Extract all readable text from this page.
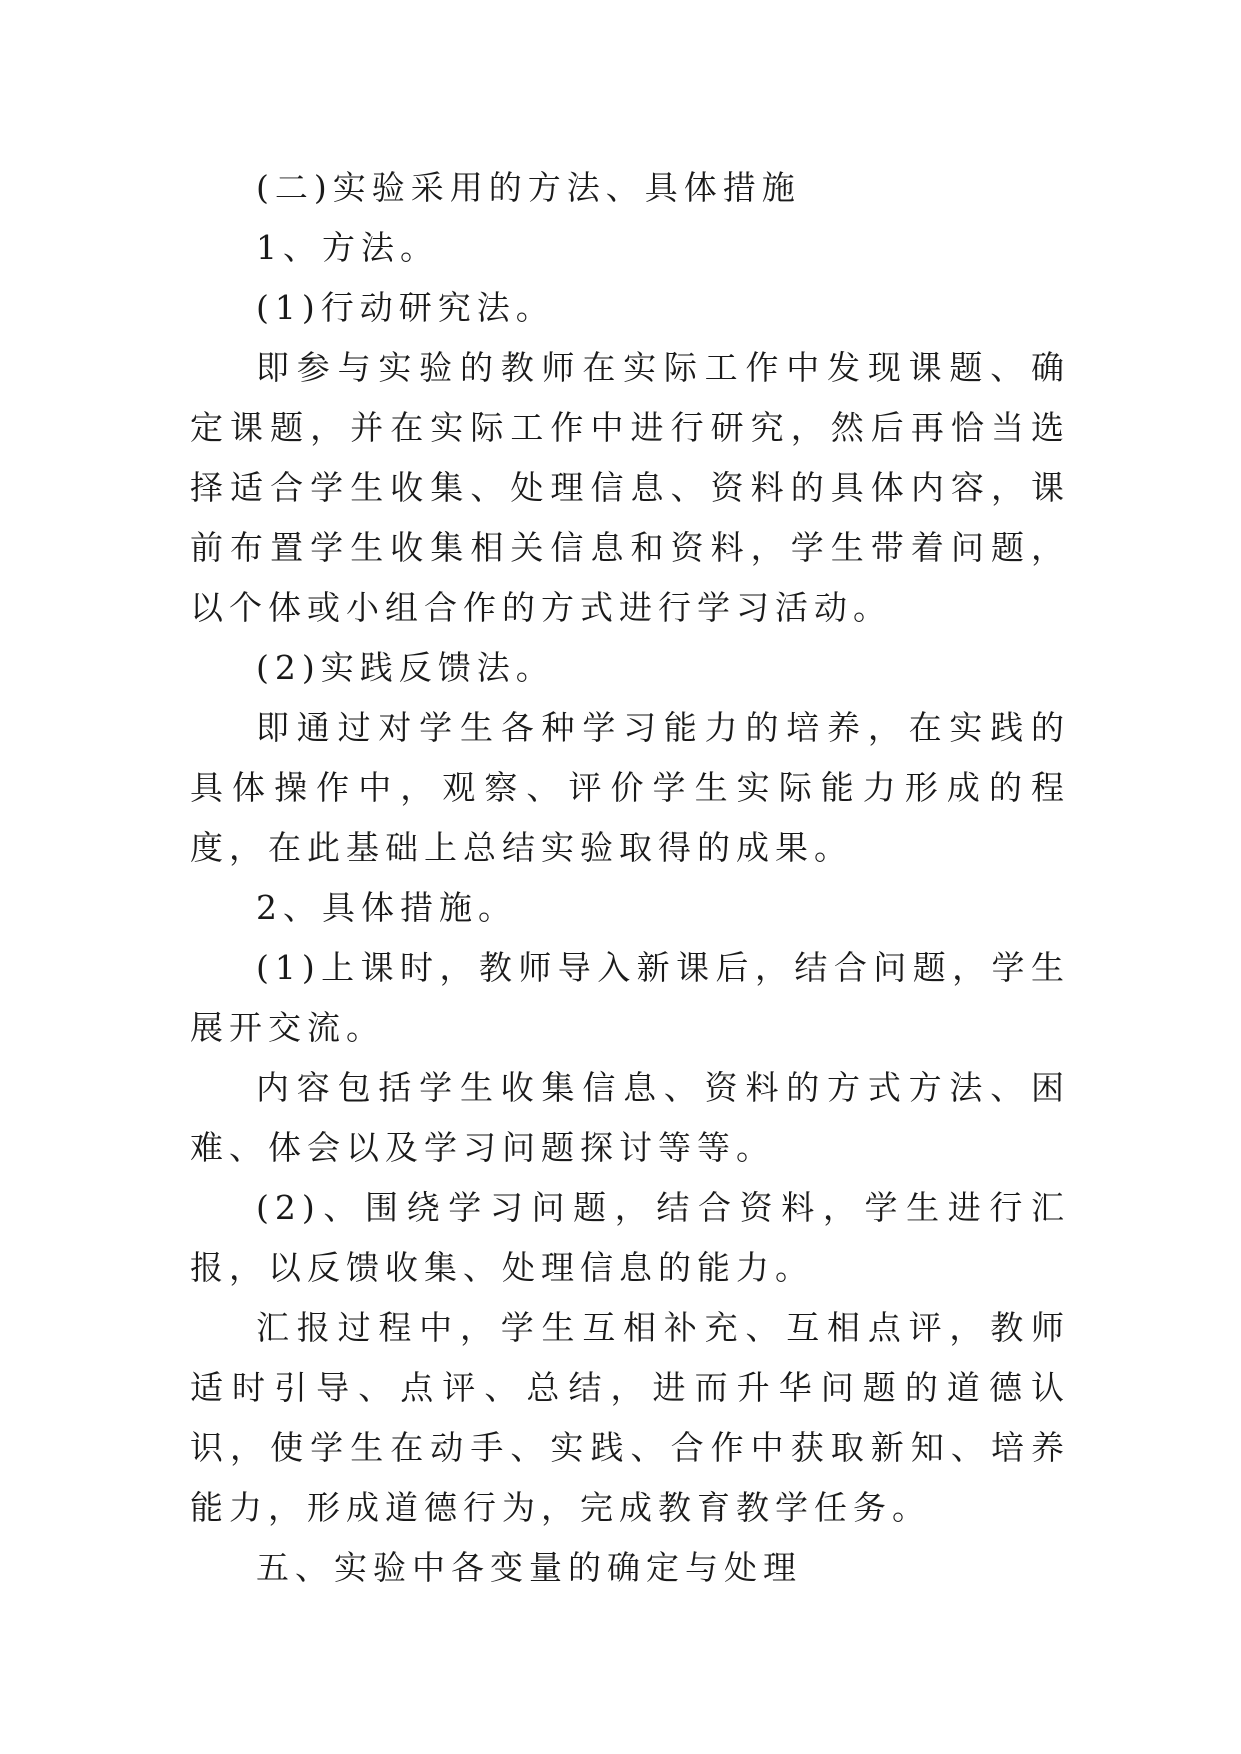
(二)实验采用的方法、具体措施

1、方法。

(1)行动研究法。

即参与实验的教师在实际工作中发现课题、确定课题，并在实际工作中进行研究，然后再恰当选择适合学生收集、处理信息、资料的具体内容，课前布置学生收集相关信息和资料，学生带着问题，以个体或小组合作的方式进行学习活动。

(2)实践反馈法。

即通过对学生各种学习能力的培养，在实践的具体操作中，观察、评价学生实际能力形成的程度，在此基础上总结实验取得的成果。

2、具体措施。

(1)上课时，教师导入新课后，结合问题，学生展开交流。

内容包括学生收集信息、资料的方式方法、困难、体会以及学习问题探讨等等。

(2)、围绕学习问题，结合资料，学生进行汇报，以反馈收集、处理信息的能力。

汇报过程中，学生互相补充、互相点评，教师适时引导、点评、总结，进而升华问题的道德认识，使学生在动手、实践、合作中获取新知、培养能力，形成道德行为，完成教育教学任务。

五、实验中各变量的确定与处理
